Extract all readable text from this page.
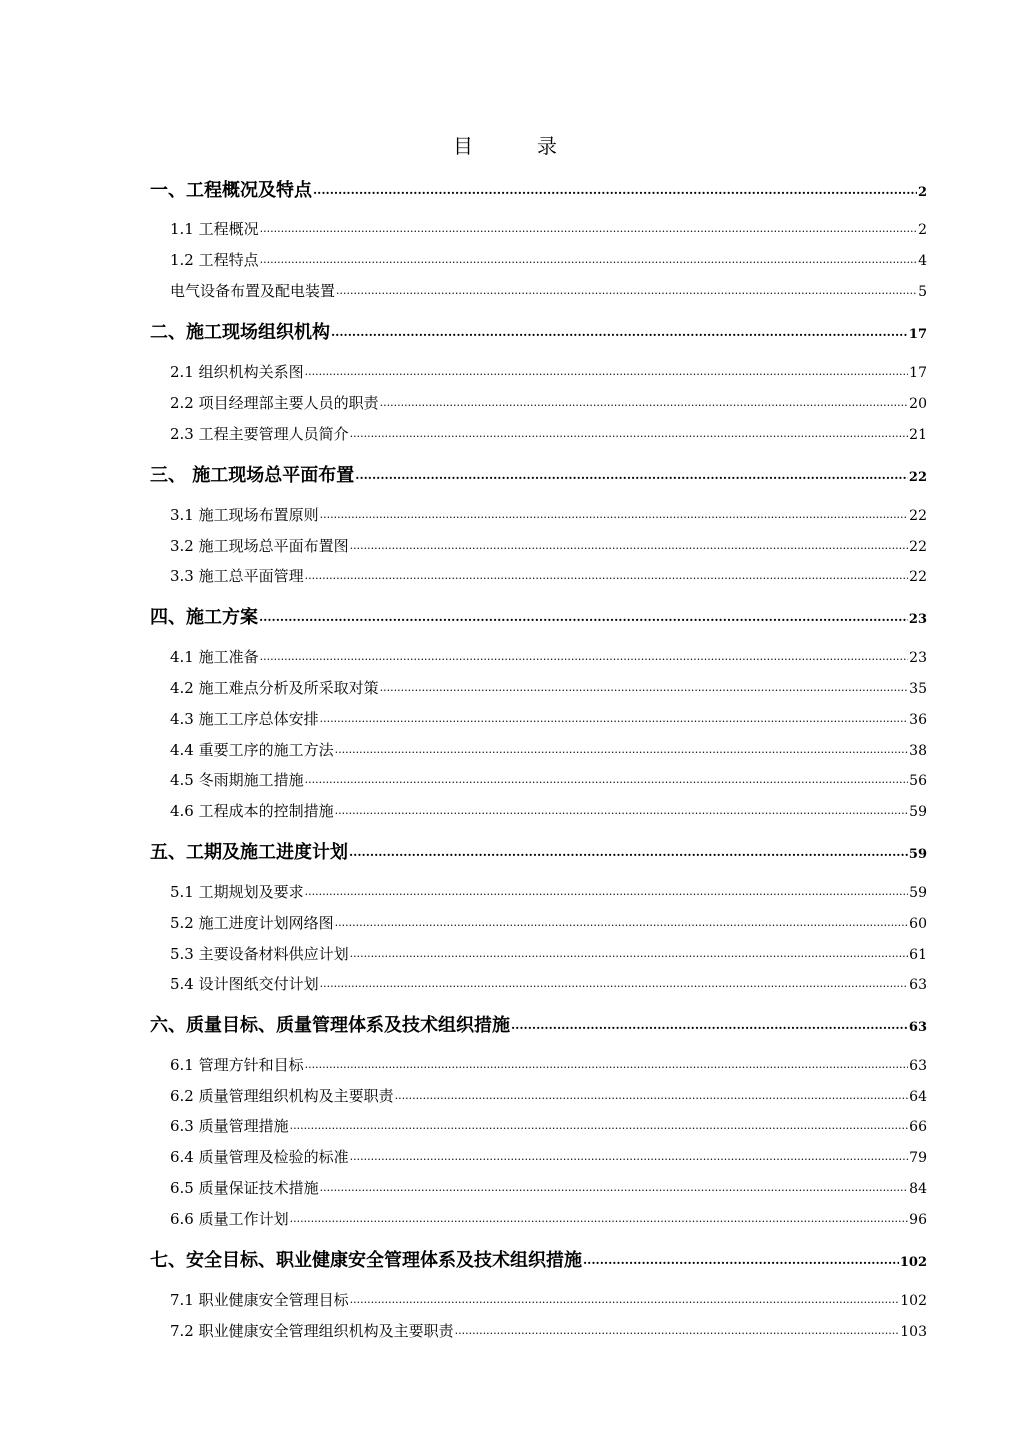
目	录
一、工程概况及特点 .....	2
1.1 工程概况 .....	2
1.2 工程特点 .....	4
电气设备布置及配电装置 .....	5
二、施工现场组织机构 .....	17
2.1 组织机构关系图 .....	17
2.2 项目经理部主要人员的职责 .....	20
2.3 工程主要管理人员简介 .....	21
三、 施工现场总平面布置 .....	22
3.1 施工现场布置原则 .....	22
3.2 施工现场总平面布置图 .....	22
3.3 施工总平面管理 .....	22
四、施工方案 .....	23
4.1 施工准备 .....	23
4.2 施工难点分析及所采取对策 .....	35
4.3 施工工序总体安排 .....	36
4.4 重要工序的施工方法 .....	38
4.5 冬雨期施工措施 .....	56
4.6 工程成本的控制措施 .....	59
五、工期及施工进度计划 .....	59
5.1 工期规划及要求 .....	59
5.2 施工进度计划网络图 .....	60
5.3 主要设备材料供应计划 .....	61
5.4 设计图纸交付计划 .....	63
六、质量目标、质量管理体系及技术组织措施 .....	63
6.1 管理方针和目标 .....	63
6.2 质量管理组织机构及主要职责 .....	64
6.3 质量管理措施 .....	66
6.4 质量管理及检验的标准 .....	79
6.5 质量保证技术措施 .....	84
6.6 质量工作计划 .....	96
七、安全目标、职业健康安全管理体系及技术组织措施 .....	102
7.1 职业健康安全管理目标 .....	102
7.2 职业健康安全管理组织机构及主要职责 .....	103
